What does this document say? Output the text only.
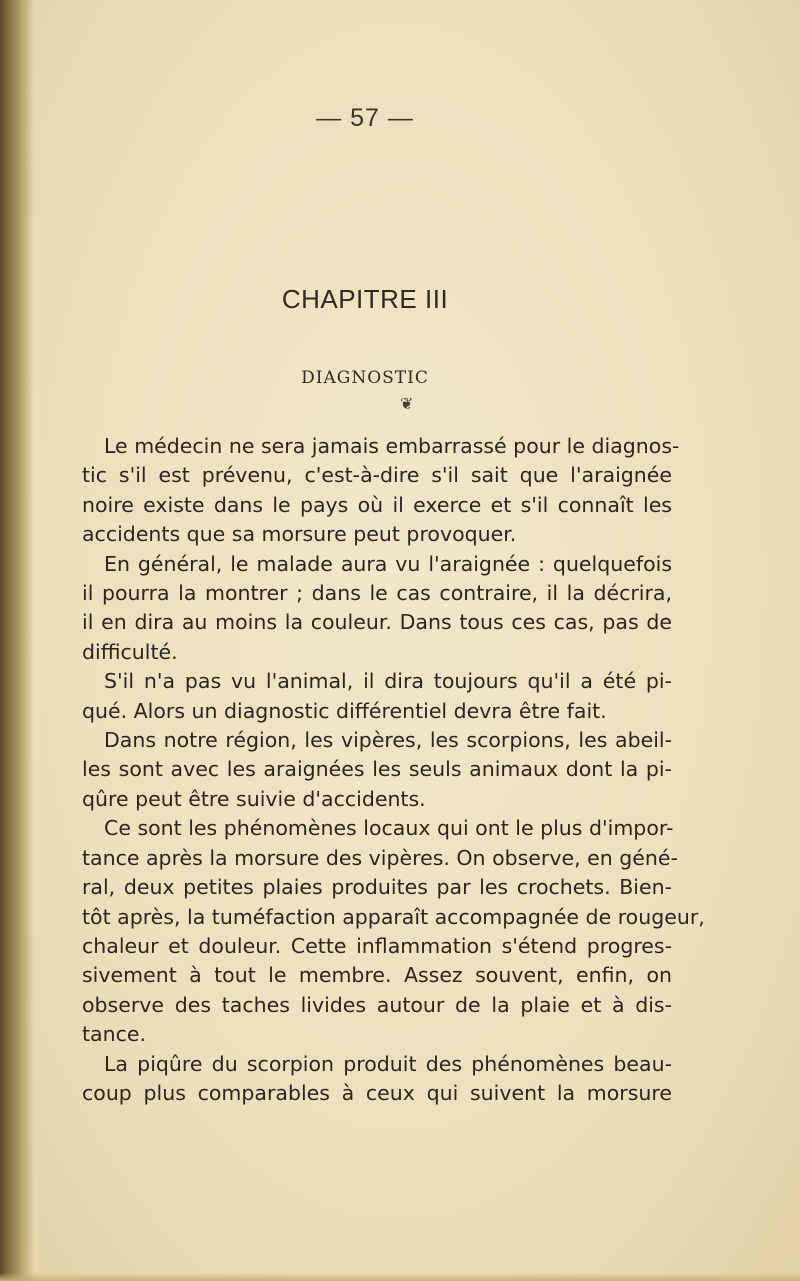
— 57 —
CHAPITRE III
DIAGNOSTIC
❦
Le médecin ne sera jamais embarrassé pour le diagnos-
tic s'il est prévenu, c'est-à-dire s'il sait que l'araignée
noire existe dans le pays où il exerce et s'il connaît les
accidents que sa morsure peut provoquer.
En général, le malade aura vu l'araignée : quelquefois
il pourra la montrer ; dans le cas contraire, il la décrira,
il en dira au moins la couleur. Dans tous ces cas, pas de
difficulté.
S'il n'a pas vu l'animal, il dira toujours qu'il a été pi-
qué. Alors un diagnostic différentiel devra être fait.
Dans notre région, les vipères, les scorpions, les abeil-
les sont avec les araignées les seuls animaux dont la pi-
qûre peut être suivie d'accidents.
Ce sont les phénomènes locaux qui ont le plus d'impor-
tance après la morsure des vipères. On observe, en géné-
ral, deux petites plaies produites par les crochets. Bien-
tôt après, la tuméfaction apparaît accompagnée de rougeur,
chaleur et douleur. Cette inflammation s'étend progres-
sivement à tout le membre. Assez souvent, enfin, on
observe des taches livides autour de la plaie et à dis-
tance.
La piqûre du scorpion produit des phénomènes beau-
coup plus comparables à ceux qui suivent la morsure
